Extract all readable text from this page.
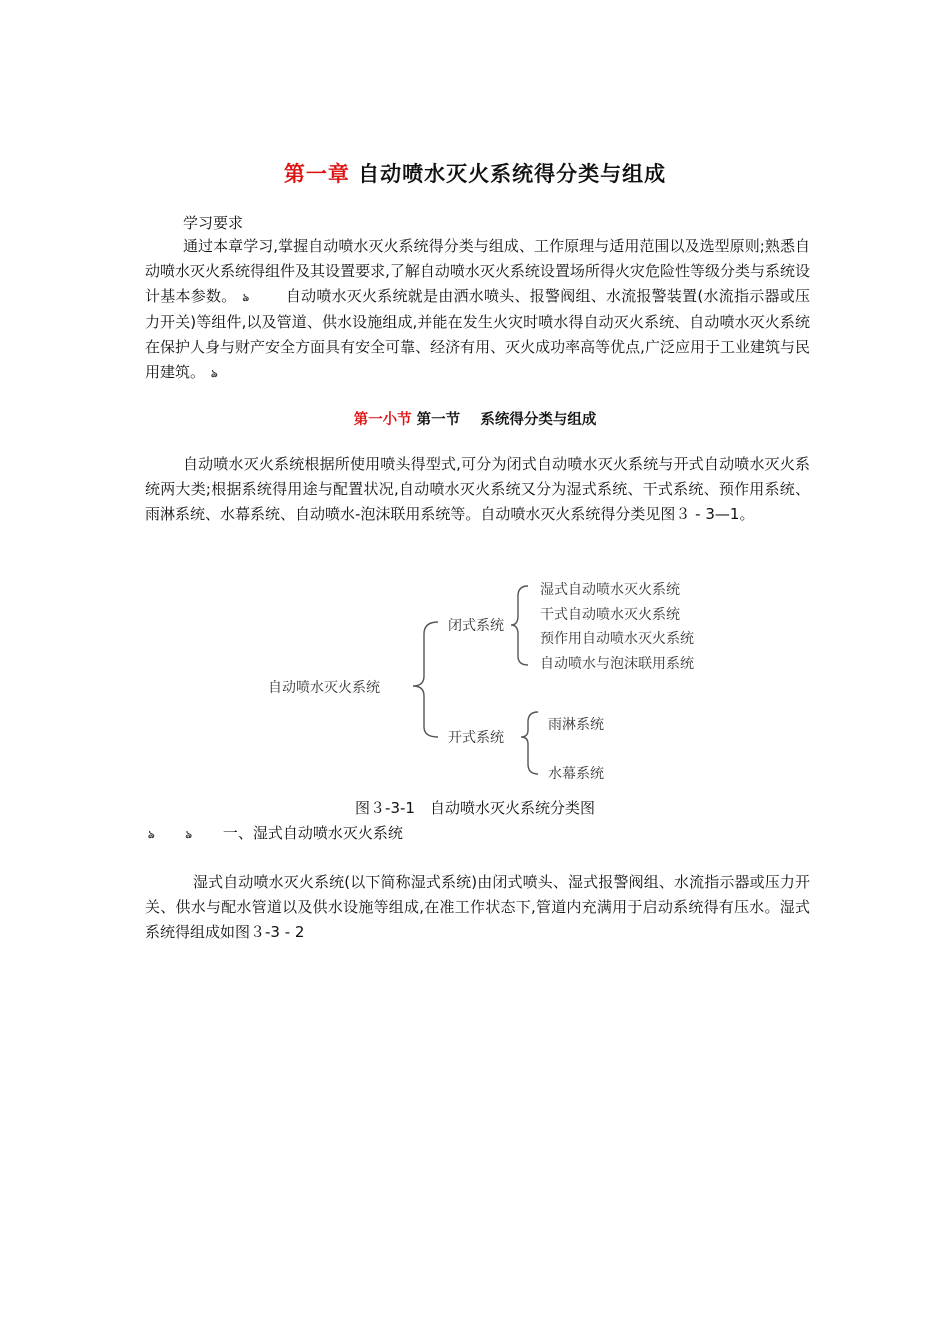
第一章 自动喷水灭火系统得分类与组成
学习要求

通过本章学习,掌握自动喷水灭火系统得分类与组成、工作原理与适用范围以及选型原则;熟悉自动喷水灭火系统得组件及其设置要求,了解自动喷水灭火系统设置场所得火灾危险性等级分类与系统设计基本参数。 ঌ　　 自动喷水灭火系统就是由洒水喷头、报警阀组、水流报警装置(水流指示器或压力开关)等组件,以及管道、供水设施组成,并能在发生火灾时喷水得自动灭火系统、自动喷水灭火系统在保护人身与财产安全方面具有安全可靠、经济有用、灭火成功率高等优点,广泛应用于工业建筑与民用建筑。 ঌ

第一小节 第一节 系统得分类与组成

自动喷水灭火系统根据所使用喷头得型式,可分为闭式自动喷水灭火系统与开式自动喷水灭火系统两大类;根据系统得用途与配置状况,自动喷水灭火系统又分为湿式系统、干式系统、预作用系统、雨淋系统、水幕系统、自动喷水-泡沫联用系统等。自动喷水灭火系统得分类见图３ - 3—1。

自动喷水灭火系统
闭式系统
湿式自动喷水灭火系统
干式自动喷水灭火系统
预作用自动喷水灭火系统
自动喷水与泡沫联用系统
开式系统
雨淋系统
水幕系统
图３-3-1　自动喷水灭火系统分类图
ঌ	ঌ 一、湿式自动喷水灭火系统

湿式自动喷水灭火系统(以下简称湿式系统)由闭式喷头、湿式报警阀组、水流指示器或压力开关、供水与配水管道以及供水设施等组成,在准工作状态下,管道内充满用于启动系统得有压水。湿式系统得组成如图３-3 - 2
